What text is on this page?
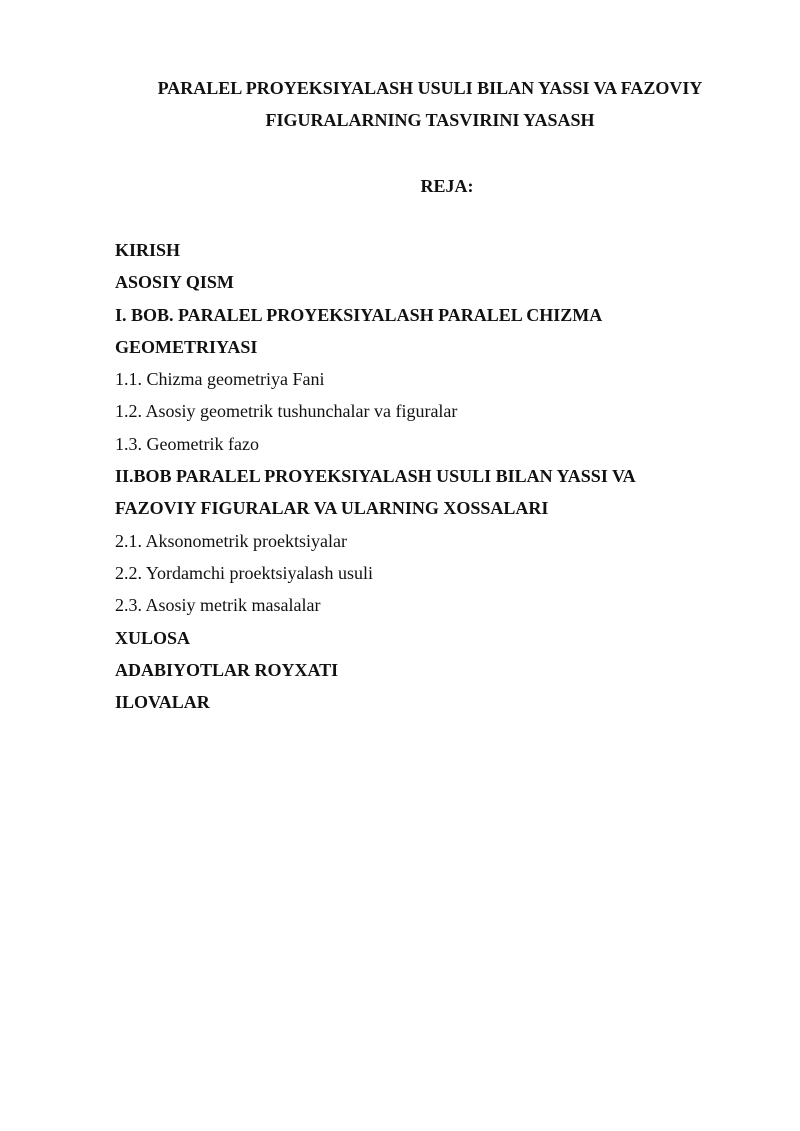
PARALEL PROYEKSIYALASH USULI BILAN YASSI VA FAZOVIY
FIGURALARNING TASVIRINI YASASH
REJA:
KIRISH
ASOSIY QISM
I. BOB. PARALEL PROYEKSIYALASH PARALEL CHIZMA
GEOMETRIYASI
1.1. Chizma geometriya Fani
1.2. Asosiy geometrik tushunchalar va figuralar
1.3. Geometrik fazo
II.BOB PARALEL PROYEKSIYALASH USULI BILAN YASSI VA
FAZOVIY FIGURALAR VA ULARNING XOSSALARI
2.1. Aksonometrik proektsiyalar
2.2. Yordamchi proektsiyalash usuli
2.3. Asosiy metrik masalalar
XULOSA
ADABIYOTLAR ROYXATI
ILOVALAR
